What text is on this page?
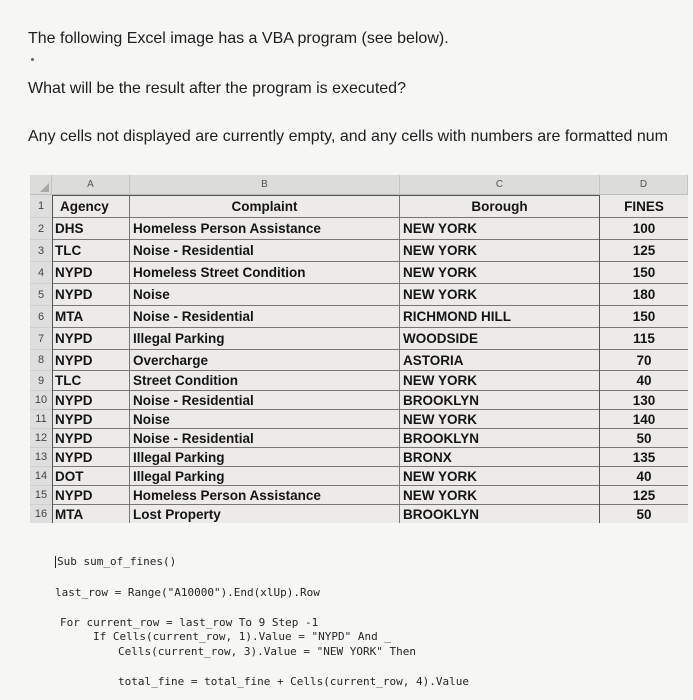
The following Excel image has a VBA program (see below).
What will be the result after the program is executed?
Any cells not displayed are currently empty, and any cells with numbers are formatted num
A	B	C	D
1	Agency	Complaint	Borough	FINES
2 DHS	Homeless Person Assistance	NEW YORK	100
3 TLC	Noise - Residential	NEW YORK	125
4 NYPD	Homeless Street Condition	NEW YORK	150
5 NYPD	Noise	NEW YORK	180
6 MTA	Noise - Residential	RICHMOND HILL	150
7 NYPD	Illegal Parking	WOODSIDE	115
8 NYPD	Overcharge	ASTORIA	70
9 TLC	Street Condition	NEW YORK	40
10 NYPD	Noise - Residential	BROOKLYN	130
11 NYPD	Noise	NEW YORK	140
12 NYPD	Noise - Residential	BROOKLYN	50
13 NYPD	Illegal Parking	BRONX	135
14 DOT	Illegal Parking	NEW YORK	40
15 NYPD	Homeless Person Assistance	NEW YORK	125
16 MTA	Lost Property	BROOKLYN	50
Sub sum_of_fines()
last_row = Range("A10000").End(xlUp).Row
For current_row = last_row To 9 Step -1
If Cells(current_row, 1).Value = "NYPD" And _
Cells(current_row, 3).Value = "NEW YORK" Then
total_fine = total_fine + Cells(current_row, 4).Value
